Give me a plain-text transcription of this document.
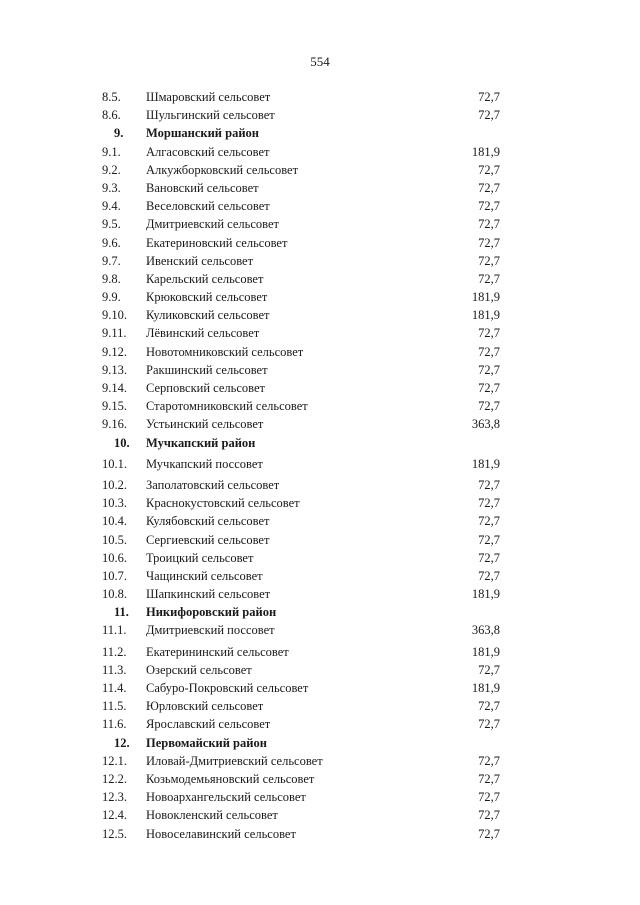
554
8.5. Шмаровский сельсовет	72,7
8.6. Шульгинский сельсовет	72,7
9. Моршанский район
9.1. Алгасовский сельсовет	181,9
9.2. Алкужборковский сельсовет	72,7
9.3. Вановский сельсовет	72,7
9.4. Веселовский сельсовет	72,7
9.5. Дмитриевский сельсовет	72,7
9.6. Екатериновский сельсовет	72,7
9.7. Ивенский сельсовет	72,7
9.8. Карельский сельсовет	72,7
9.9. Крюковский сельсовет	181,9
9.10. Куликовский сельсовет	181,9
9.11. Лёвинский сельсовет	72,7
9.12. Новотомниковский сельсовет	72,7
9.13. Ракшинский сельсовет	72,7
9.14. Серповский сельсовет	72,7
9.15. Старотомниковский сельсовет	72,7
9.16. Устьинский сельсовет	363,8
10. Мучкапский район
10.1. Мучкапский поссовет	181,9
10.2. Заполатовский сельсовет	72,7
10.3. Краснокустовский сельсовет	72,7
10.4. Кулябовский сельсовет	72,7
10.5. Сергиевский сельсовет	72,7
10.6. Троицкий сельсовет	72,7
10.7. Чащинский сельсовет	72,7
10.8. Шапкинский сельсовет	181,9
11. Никифоровский район
11.1. Дмитриевский поссовет	363,8
11.2. Екатерининский сельсовет	181,9
11.3. Озерский сельсовет	72,7
11.4. Сабуро-Покровский сельсовет	181,9
11.5. Юрловский сельсовет	72,7
11.6. Ярославский сельсовет	72,7
12. Первомайский район
12.1. Иловай-Дмитриевский сельсовет	72,7
12.2. Козьмодемьяновский сельсовет	72,7
12.3. Новоархангельский сельсовет	72,7
12.4. Новокленский сельсовет	72,7
12.5. Новоселавинский сельсовет	72,7
